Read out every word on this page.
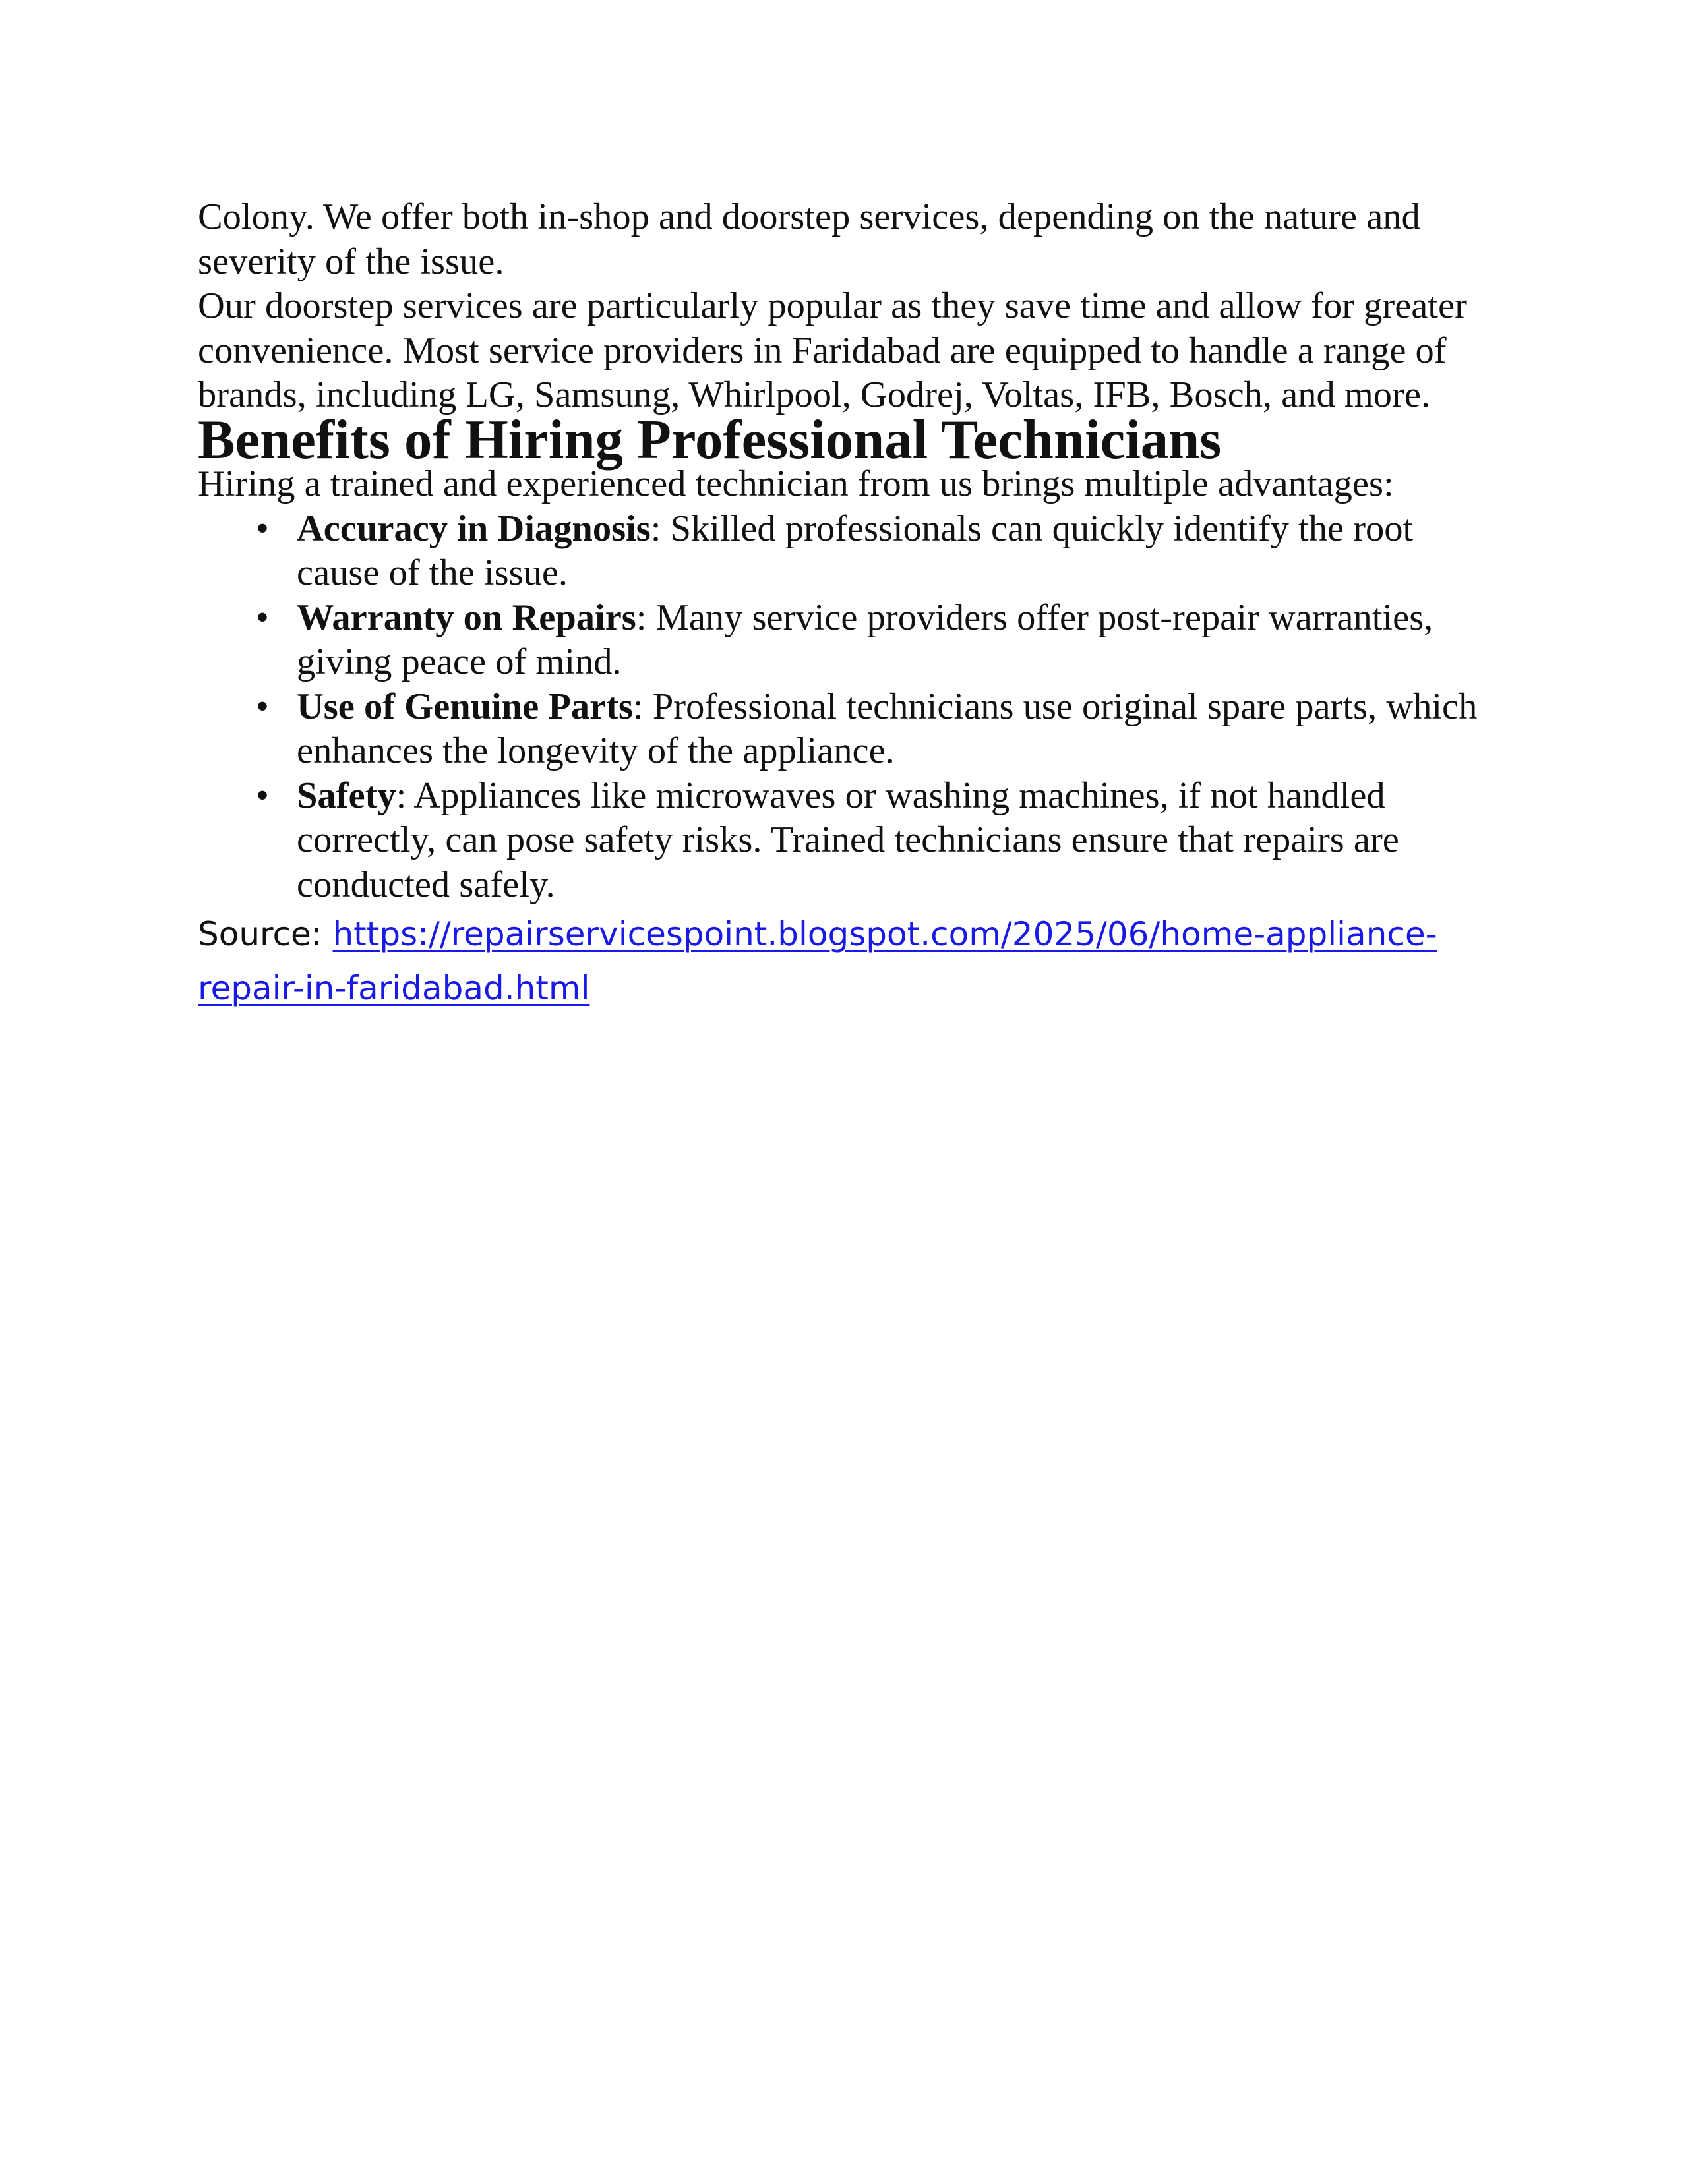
Colony. We offer both in-shop and doorstep services, depending on the nature and severity of the issue.

Our doorstep services are particularly popular as they save time and allow for greater convenience. Most service providers in Faridabad are equipped to handle a range of brands, including LG, Samsung, Whirlpool, Godrej, Voltas, IFB, Bosch, and more.

Benefits of Hiring Professional Technicians

Hiring a trained and experienced technician from us brings multiple advantages:

• Accuracy in Diagnosis: Skilled professionals can quickly identify the root cause of the issue.
• Warranty on Repairs: Many service providers offer post-repair warranties, giving peace of mind.
• Use of Genuine Parts: Professional technicians use original spare parts, which enhances the longevity of the appliance.
• Safety: Appliances like microwaves or washing machines, if not handled correctly, can pose safety risks. Trained technicians ensure that repairs are conducted safely.

Source: https://repairservicespoint.blogspot.com/2025/06/home-appliance-repair-in-faridabad.html
